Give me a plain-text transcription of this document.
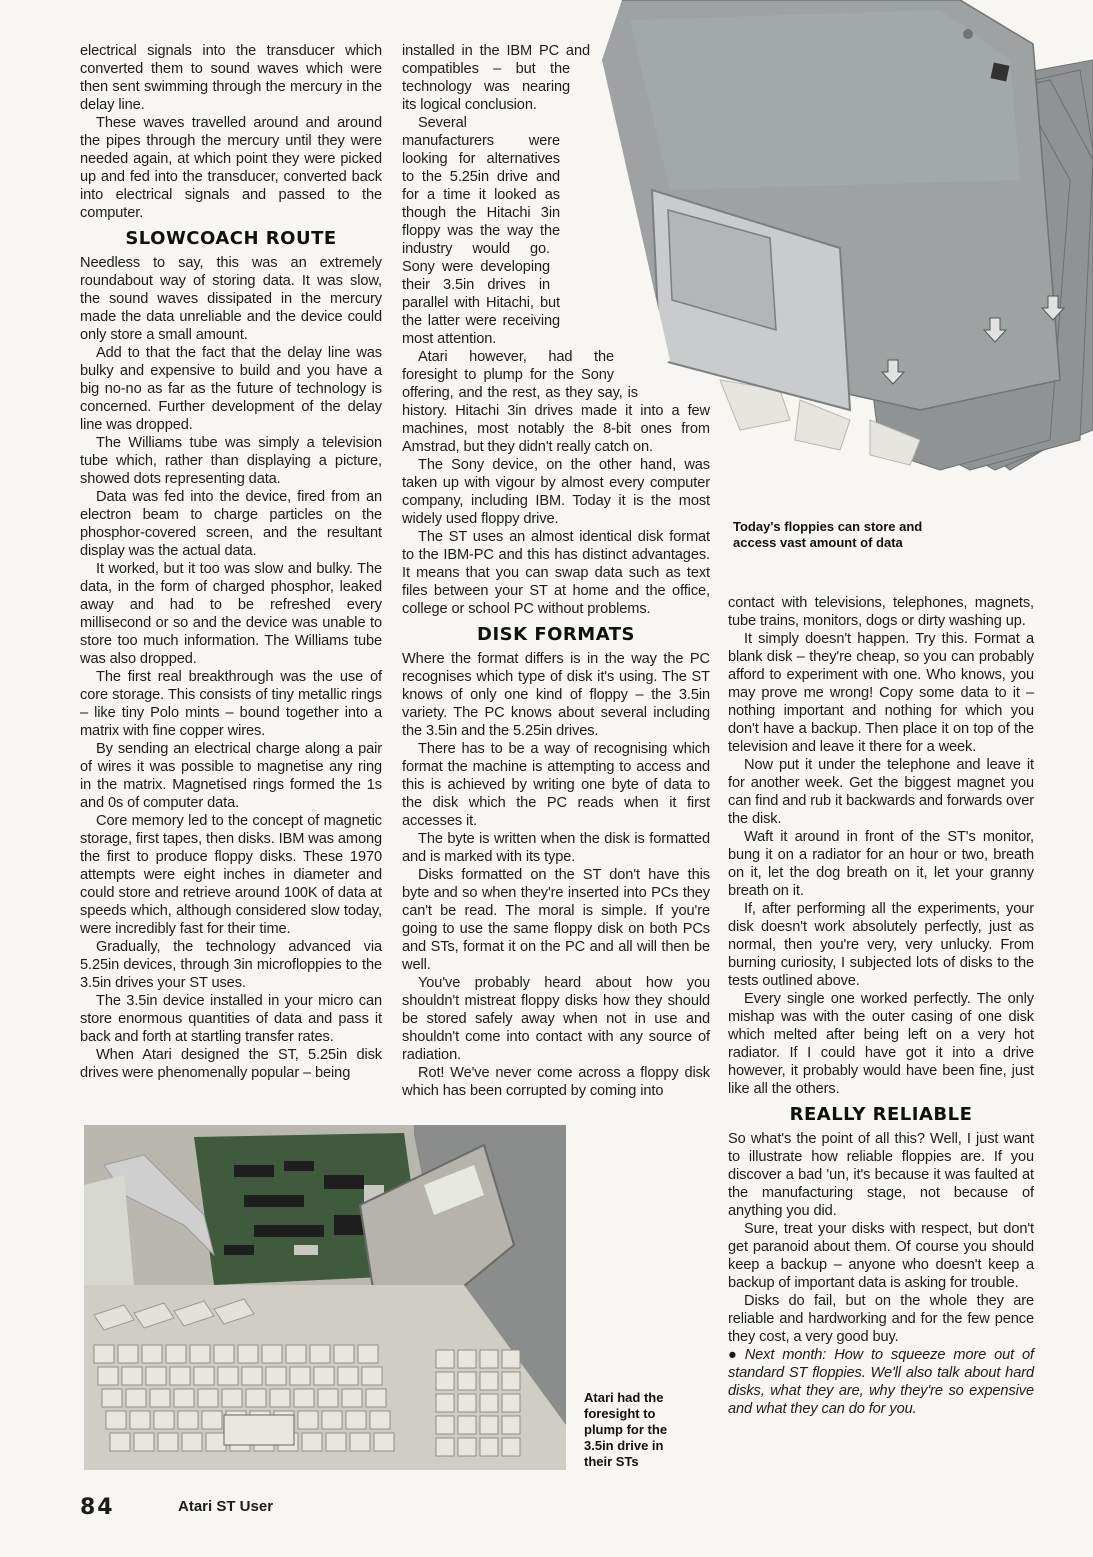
electrical signals into the transducer which converted them to sound waves which were then sent swimming through the mercury in the delay line.

These waves travelled around and around the pipes through the mercury until they were needed again, at which point they were picked up and fed into the transducer, converted back into electrical signals and passed to the computer.

SLOWCOACH ROUTE

Needless to say, this was an extremely roundabout way of storing data. It was slow, the sound waves dissipated in the mercury made the data unreliable and the device could only store a small amount.

Add to that the fact that the delay line was bulky and expensive to build and you have a big no-no as far as the future of technology is concerned. Further development of the delay line was dropped.

The Williams tube was simply a television tube which, rather than displaying a picture, showed dots representing data.

Data was fed into the device, fired from an electron beam to charge particles on the phosphor-covered screen, and the resultant display was the actual data.

It worked, but it too was slow and bulky. The data, in the form of charged phosphor, leaked away and had to be refreshed every millisecond or so and the device was unable to store too much information. The Williams tube was also dropped.

The first real breakthrough was the use of core storage. This consists of tiny metallic rings – like tiny Polo mints – bound together into a matrix with fine copper wires.

By sending an electrical charge along a pair of wires it was possible to magnetise any ring in the matrix. Magnetised rings formed the 1s and 0s of computer data.

Core memory led to the concept of magnetic storage, first tapes, then disks. IBM was among the first to produce floppy disks. These 1970 attempts were eight inches in diameter and could store and retrieve around 100K of data at speeds which, although considered slow today, were incredibly fast for their time.

Gradually, the technology advanced via 5.25in devices, through 3in microfloppies to the 3.5in drives your ST uses.

The 3.5in device installed in your micro can store enormous quantities of data and pass it back and forth at startling transfer rates.

When Atari designed the ST, 5.25in disk drives were phenomenally popular – being

installed in the IBM PC and compatibles – but the technology was nearing its logical conclusion.

Several manufacturers were looking for alternatives to the 5.25in drive and for a time it looked as though the Hitachi 3in floppy was the way the industry would go. Sony were developing their 3.5in drives in parallel with Hitachi, but the latter were receiving most attention.

Atari however, had the foresight to plump for the Sony offering, and the rest, as they say, is history. Hitachi 3in drives made it into a few machines, most notably the 8-bit ones from Amstrad, but they didn't really catch on.

The Sony device, on the other hand, was taken up with vigour by almost every computer company, including IBM. Today it is the most widely used floppy drive.

The ST uses an almost identical disk format to the IBM-PC and this has distinct advantages. It means that you can swap data such as text files between your ST at home and the office, college or school PC without problems.

DISK FORMATS

Where the format differs is in the way the PC recognises which type of disk it's using. The ST knows of only one kind of floppy – the 3.5in variety. The PC knows about several including the 3.5in and the 5.25in drives.

There has to be a way of recognising which format the machine is attempting to access and this is achieved by writing one byte of data to the disk which the PC reads when it first accesses it.

The byte is written when the disk is formatted and is marked with its type.

Disks formatted on the ST don't have this byte and so when they're inserted into PCs they can't be read. The moral is simple. If you're going to use the same floppy disk on both PCs and STs, format it on the PC and all will then be well.

You've probably heard about how you shouldn't mistreat floppy disks how they should be stored safely away when not in use and shouldn't come into contact with any source of radiation.

Rot! We've never come across a floppy disk which has been corrupted by coming into

Today's floppies can store and access vast amount of data

contact with televisions, telephones, magnets, tube trains, monitors, dogs or dirty washing up.

It simply doesn't happen. Try this. Format a blank disk – they're cheap, so you can probably afford to experiment with one. Who knows, you may prove me wrong! Copy some data to it – nothing important and nothing for which you don't have a backup. Then place it on top of the television and leave it there for a week.

Now put it under the telephone and leave it for another week. Get the biggest magnet you can find and rub it backwards and forwards over the disk.

Waft it around in front of the ST's monitor, bung it on a radiator for an hour or two, breath on it, let the dog breath on it, let your granny breath on it.

If, after performing all the experiments, your disk doesn't work absolutely perfectly, just as normal, then you're very, very unlucky. From burning curiosity, I subjected lots of disks to the tests outlined above.

Every single one worked perfectly. The only mishap was with the outer casing of one disk which melted after being left on a very hot radiator. If I could have got it into a drive however, it probably would have been fine, just like all the others.

REALLY RELIABLE

So what's the point of all this? Well, I just want to illustrate how reliable floppies are. If you discover a bad 'un, it's because it was faulted at the manufacturing stage, not because of anything you did.

Sure, treat your disks with respect, but don't get paranoid about them. Of course you should keep a backup – anyone who doesn't keep a backup of important data is asking for trouble.

Disks do fail, but on the whole they are reliable and hardworking and for the few pence they cost, a very good buy.

● Next month: How to squeeze more out of standard ST floppies. We'll also talk about hard disks, what they are, why they're so expensive and what they can do for you.

Atari had the foresight to plump for the 3.5in drive in their STs
84	Atari ST User
